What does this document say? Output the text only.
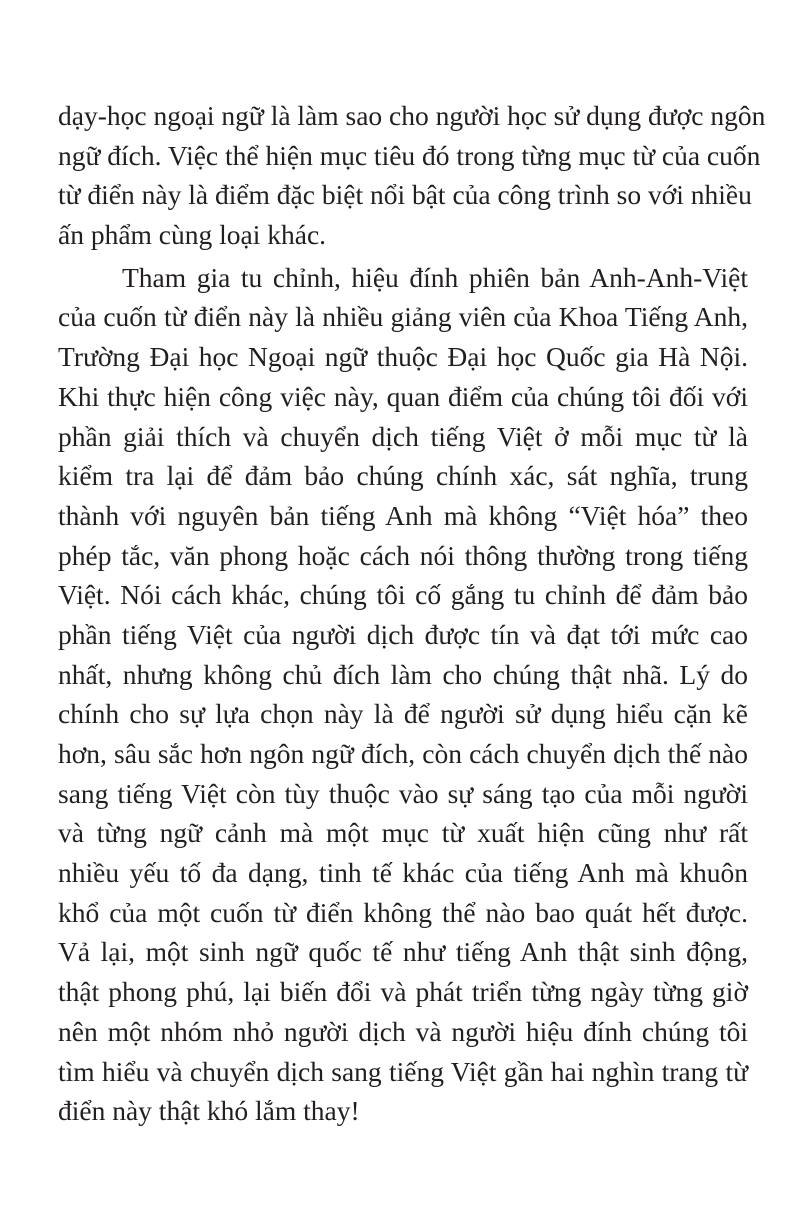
dạy-học ngoại ngữ là làm sao cho người học sử dụng được ngôn
ngữ đích. Việc thể hiện mục tiêu đó trong từng mục từ của cuốn
từ điển này là điểm đặc biệt nổi bật của công trình so với nhiều
ấn phẩm cùng loại khác.
Tham gia tu chỉnh, hiệu đính phiên bản Anh-Anh-Việt
của cuốn từ điển này là nhiều giảng viên của Khoa Tiếng Anh,
Trường Đại học Ngoại ngữ thuộc Đại học Quốc gia Hà Nội.
Khi thực hiện công việc này, quan điểm của chúng tôi đối với
phần giải thích và chuyển dịch tiếng Việt ở mỗi mục từ là
kiểm tra lại để đảm bảo chúng chính xác, sát nghĩa, trung
thành với nguyên bản tiếng Anh mà không “Việt hóa” theo
phép tắc, văn phong hoặc cách nói thông thường trong tiếng
Việt. Nói cách khác, chúng tôi cố gắng tu chỉnh để đảm bảo
phần tiếng Việt của người dịch được tín và đạt tới mức cao
nhất, nhưng không chủ đích làm cho chúng thật nhã. Lý do
chính cho sự lựa chọn này là để người sử dụng hiểu cặn kẽ
hơn, sâu sắc hơn ngôn ngữ đích, còn cách chuyển dịch thế nào
sang tiếng Việt còn tùy thuộc vào sự sáng tạo của mỗi người
và từng ngữ cảnh mà một mục từ xuất hiện cũng như rất
nhiều yếu tố đa dạng, tinh tế khác của tiếng Anh mà khuôn
khổ của một cuốn từ điển không thể nào bao quát hết được.
Vả lại, một sinh ngữ quốc tế như tiếng Anh thật sinh động,
thật phong phú, lại biến đổi và phát triển từng ngày từng giờ
nên một nhóm nhỏ người dịch và người hiệu đính chúng tôi
tìm hiểu và chuyển dịch sang tiếng Việt gần hai nghìn trang từ
điển này thật khó lắm thay!
